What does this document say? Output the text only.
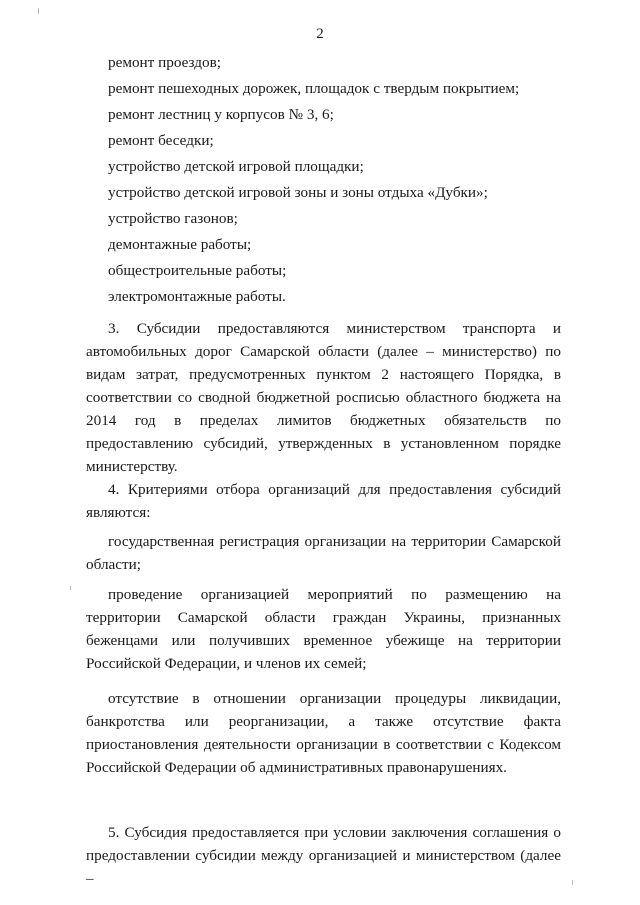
2
ремонт проездов;
ремонт пешеходных дорожек, площадок с твердым покрытием;
ремонт лестниц у корпусов № 3, 6;
ремонт беседки;
устройство детской игровой площадки;
устройство детской игровой зоны и зоны отдыха «Дубки»;
устройство газонов;
демонтажные работы;
общестроительные работы;
электромонтажные работы.

3. Субсидии предоставляются министерством транспорта и автомобильных дорог Самарской области (далее – министерство) по видам затрат, предусмотренных пунктом 2 настоящего Порядка, в соответствии со сводной бюджетной росписью областного бюджета на 2014 год в пределах лимитов бюджетных обязательств по предоставлению субсидий, утвержденных в установленном порядке министерству.

4. Критериями отбора организаций для предоставления субсидий являются:

государственная регистрация организации на территории Самарской области;

проведение организацией мероприятий по размещению на территории Самарской области граждан Украины, признанных беженцами или получивших временное убежище на территории Российской Федерации, и членов их семей;

отсутствие в отношении организации процедуры ликвидации, банкротства или реорганизации, а также отсутствие факта приостановления деятельности организации в соответствии с Кодексом Российской Федерации об административных правонарушениях.

5. Субсидия предоставляется при условии заключения соглашения о предоставлении субсидии между организацией и министерством (далее –
